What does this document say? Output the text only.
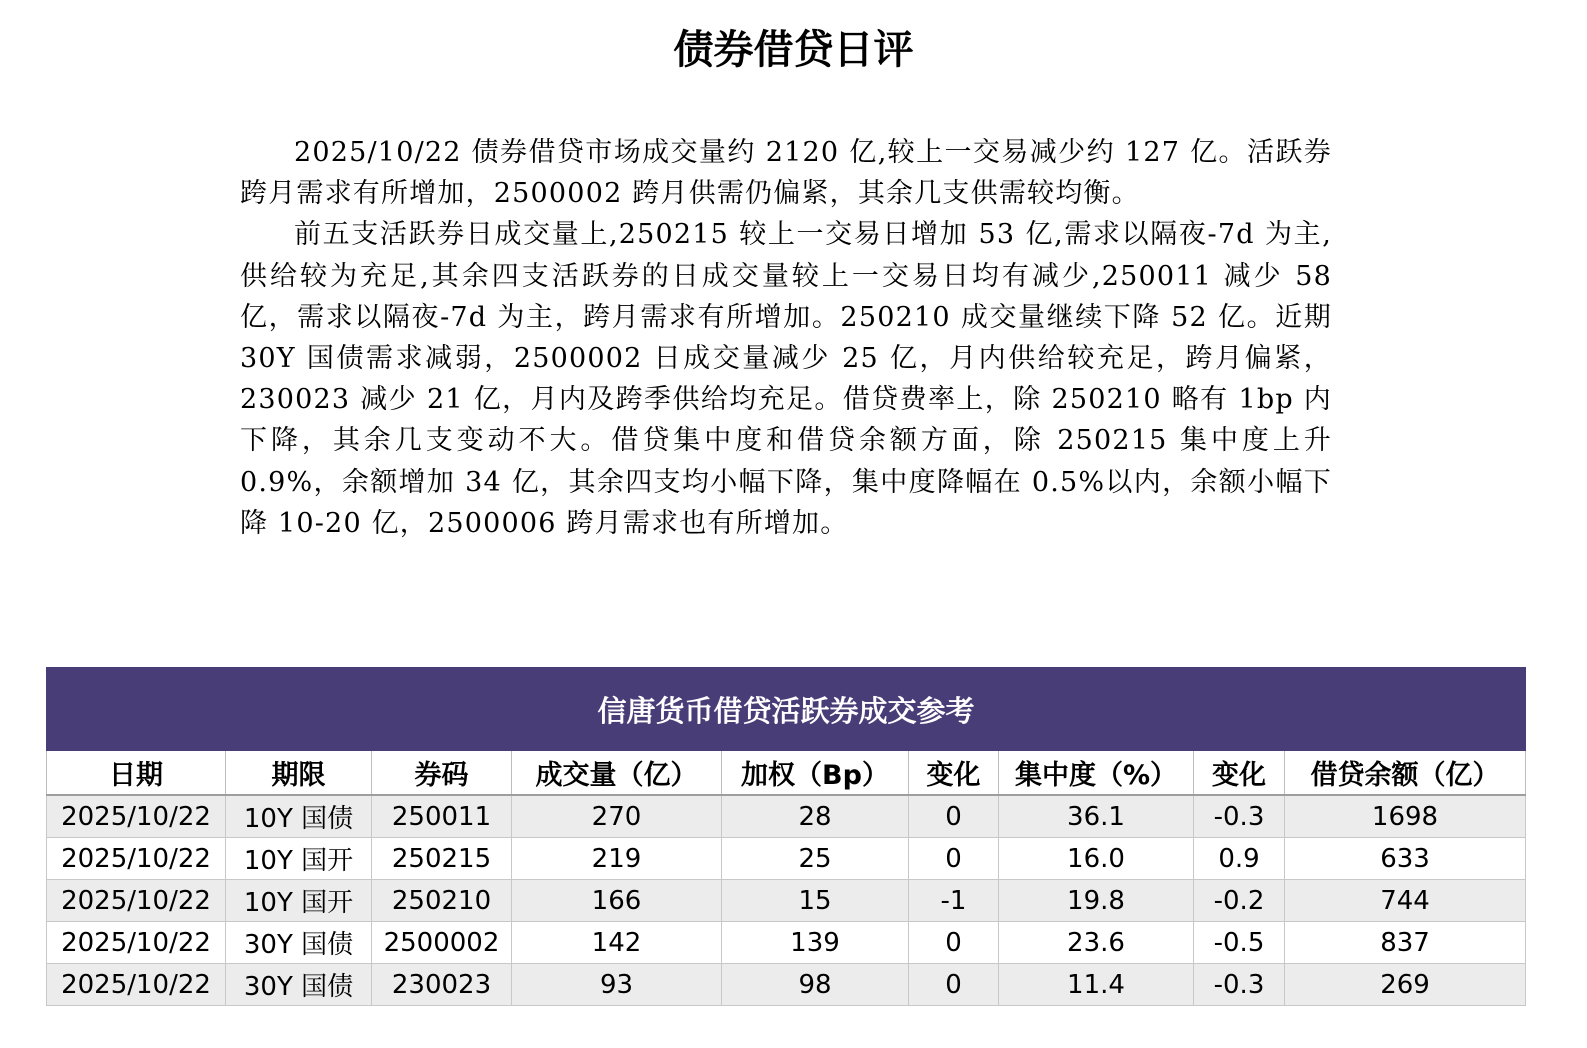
债券借贷日评

2025/10/22 债券借贷市场成交量约 2120 亿,较上一交易减少约 127 亿。活跃券跨月需求有所增加，2500002 跨月供需仍偏紧，其余几支供需较均衡。

前五支活跃券日成交量上,250215 较上一交易日增加 53 亿,需求以隔夜-7d 为主,供给较为充足,其余四支活跃券的日成交量较上一交易日均有减少,250011 减少 58 亿，需求以隔夜-7d 为主，跨月需求有所增加。250210 成交量继续下降 52 亿。近期 30Y 国债需求减弱，2500002 日成交量减少 25 亿，月内供给较充足，跨月偏紧，230023 减少 21 亿，月内及跨季供给均充足。借贷费率上，除 250210 略有 1bp 内下降，其余几支变动不大。借贷集中度和借贷余额方面，除 250215 集中度上升 0.9%，余额增加 34 亿，其余四支均小幅下降，集中度降幅在 0.5%以内，余额小幅下降 10-20 亿，2500006 跨月需求也有所增加。

信唐货币借贷活跃券成交参考								
日期	期限	券码	成交量（亿）	加权（Bp）	变化	集中度（%）	变化	借贷余额（亿）
2025/10/22	10Y 国债	250011	270	28	0	36.1	-0.3	1698
2025/10/22	10Y 国开	250215	219	25	0	16.0	0.9	633
2025/10/22	10Y 国开	250210	166	15	-1	19.8	-0.2	744
2025/10/22	30Y 国债	2500002	142	139	0	23.6	-0.5	837
2025/10/22	30Y 国债	230023	93	98	0	11.4	-0.3	269
